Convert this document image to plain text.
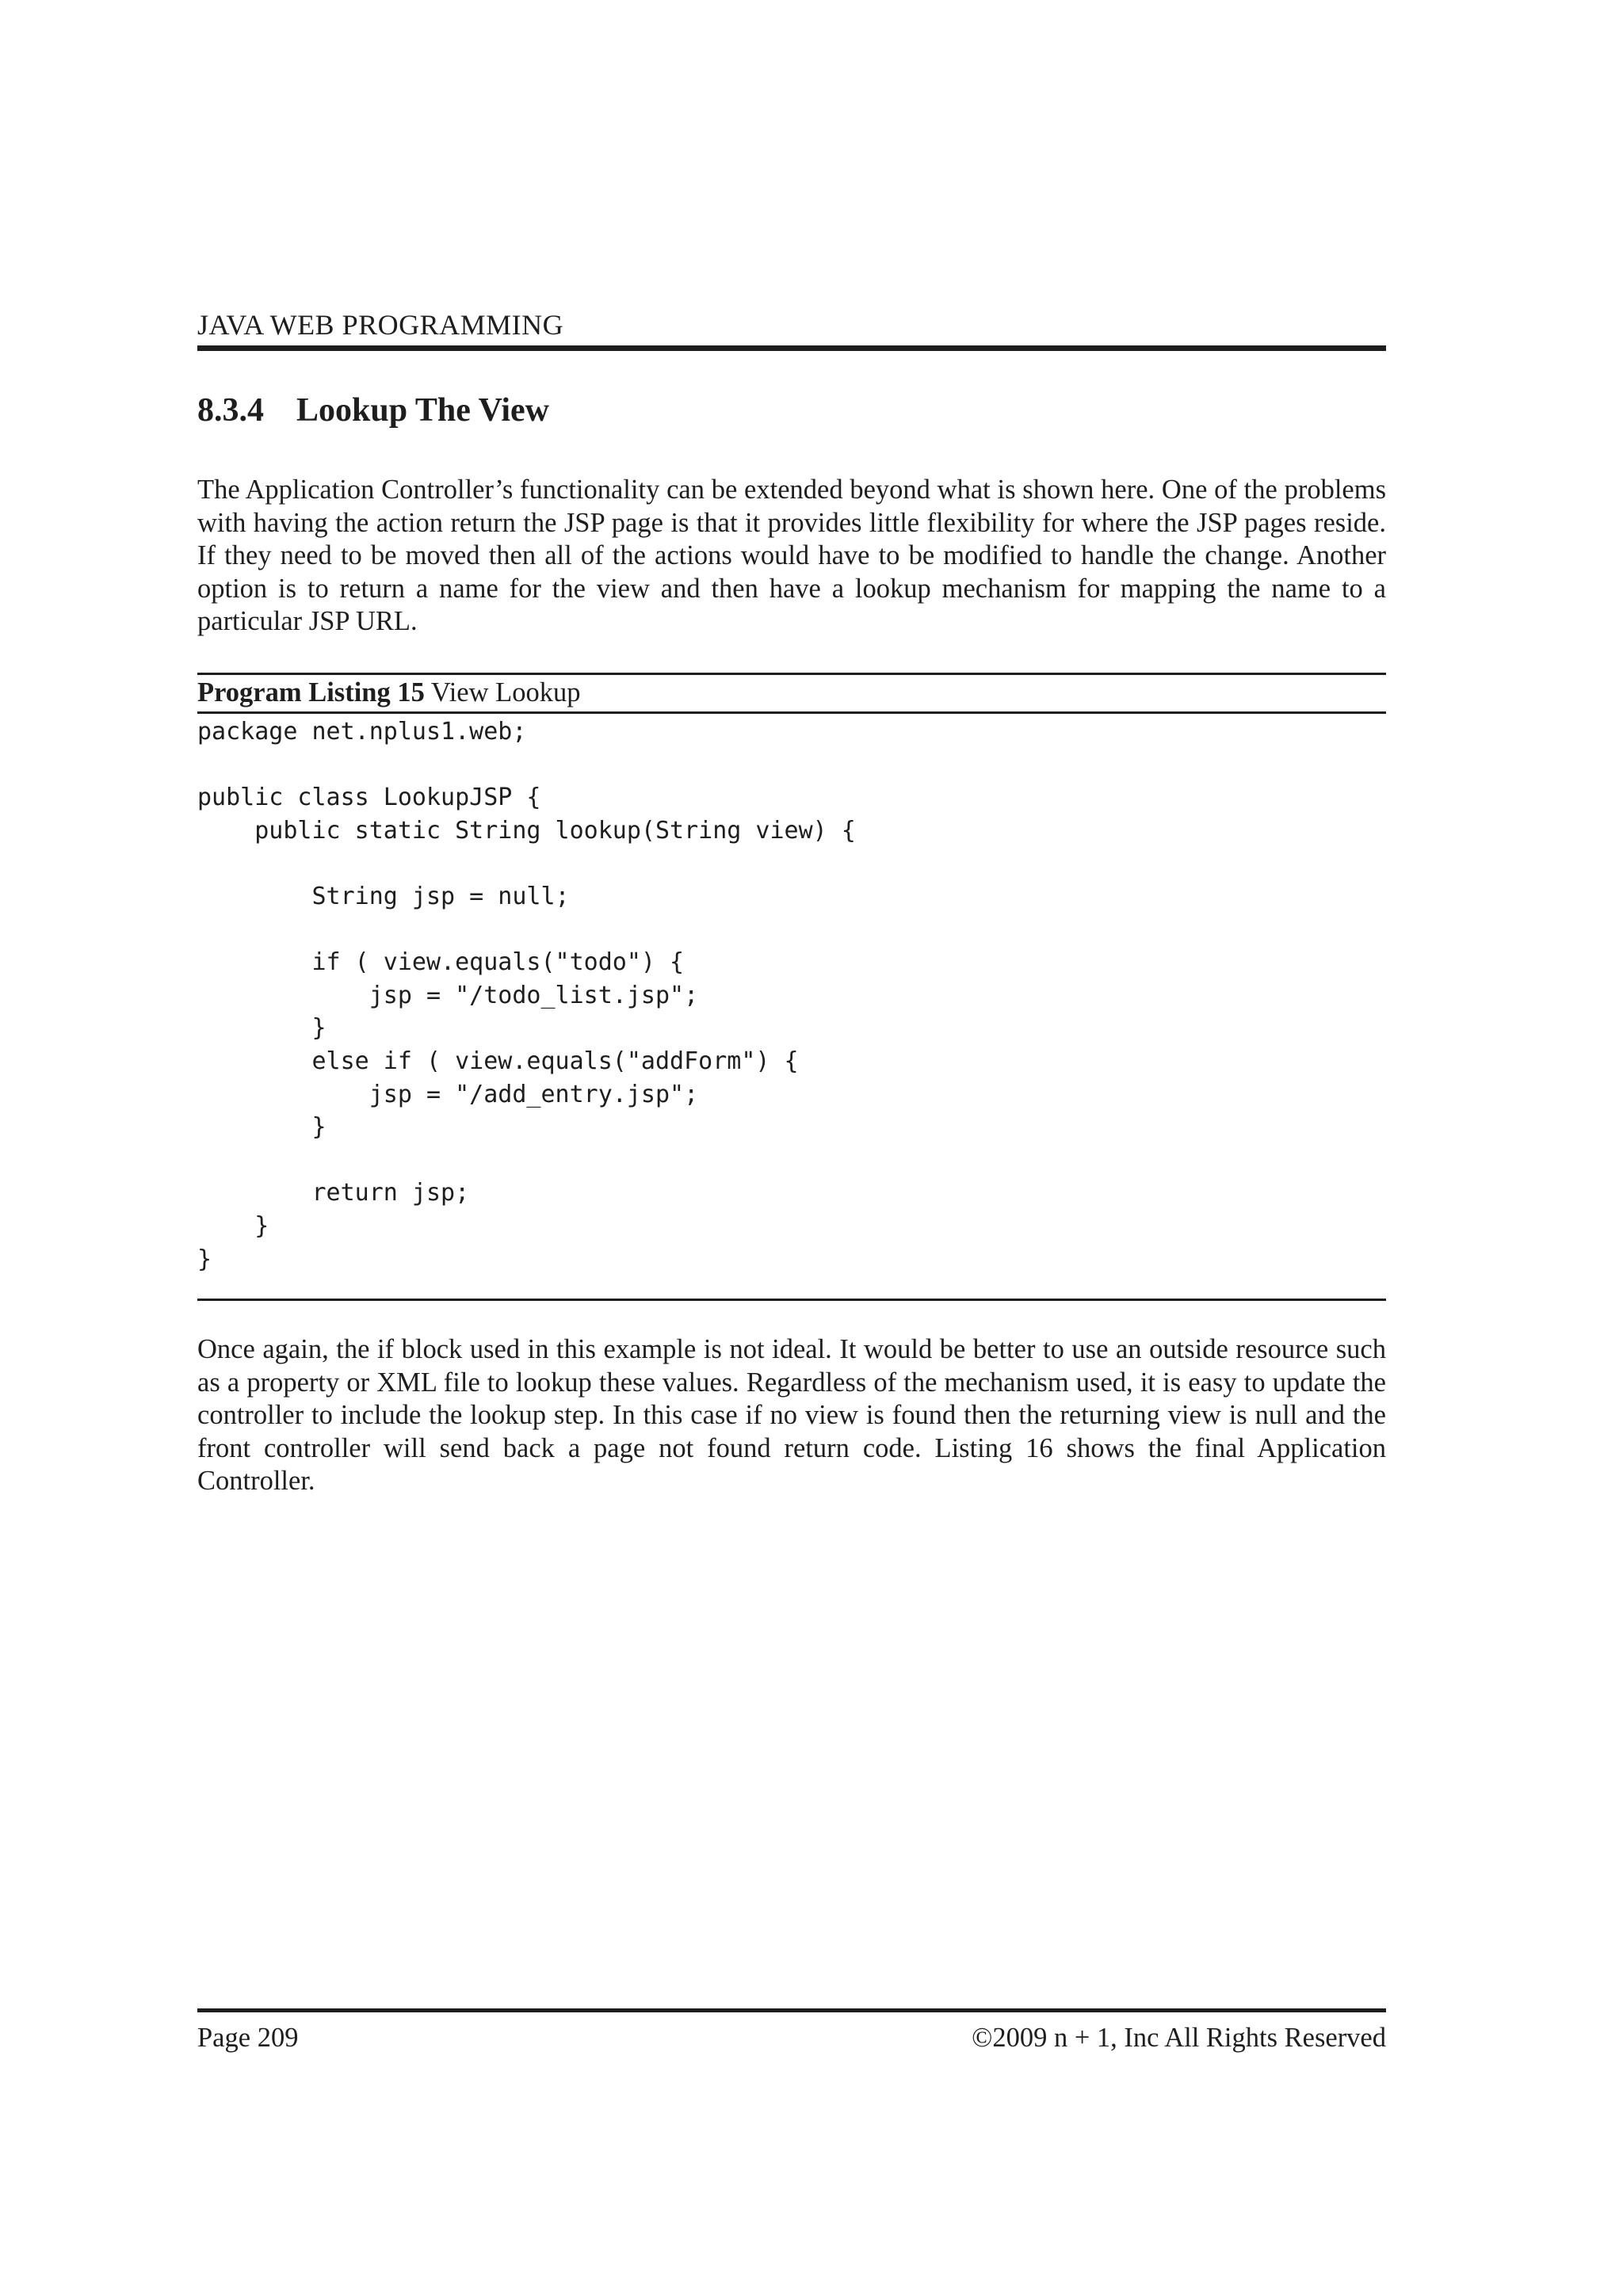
JAVA WEB PROGRAMMING
8.3.4 Lookup The View

The Application Controller’s functionality can be extended beyond what is shown here. One of the problems with having the action return the JSP page is that it provides little flexibility for where the JSP pages reside. If they need to be moved then all of the actions would have to be modified to handle the change. Another option is to return a name for the view and then have a lookup mechanism for mapping the name to a particular JSP URL.

Program Listing 15 View Lookup
package net.nplus1.web;

public class LookupJSP {
public static String lookup(String view) {

String jsp = null;

if ( view.equals("todo") {
jsp = "/todo_list.jsp";
}
else if ( view.equals("addForm") {
jsp = "/add_entry.jsp";
}

return jsp;
}
}

Once again, the if block used in this example is not ideal. It would be better to use an outside resource such as a property or XML file to lookup these values. Regardless of the mechanism used, it is easy to update the controller to include the lookup step. In this case if no view is found then the returning view is null and the front controller will send back a page not found return code. Listing 16 shows the final Application Controller.

Page 209	©2009 n + 1, Inc All Rights Reserved
